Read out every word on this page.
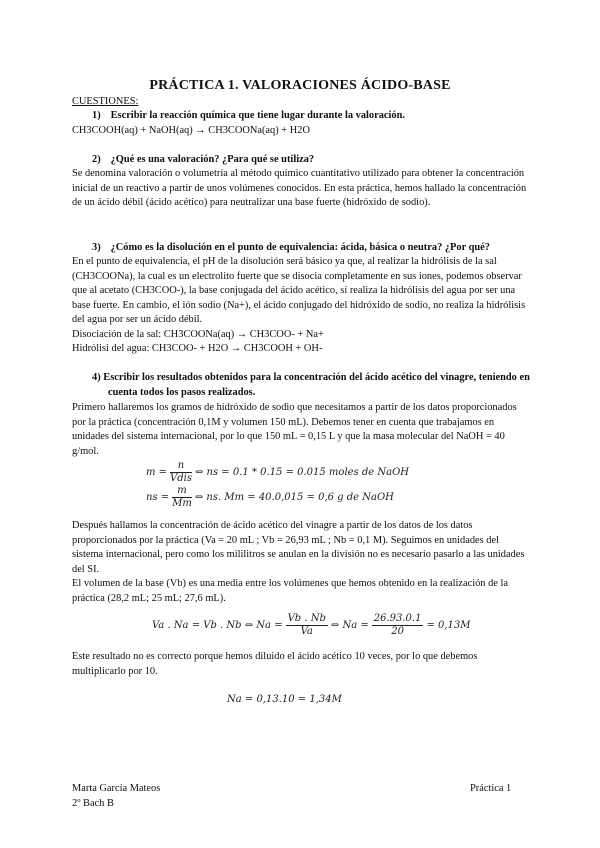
PRÁCTICA 1. VALORACIONES ÁCIDO-BASE
CUESTIONES:
1) Escribir la reacción química que tiene lugar durante la valoración.
CH3COOH(aq) + NaOH(aq) → CH3COONa(aq) + H2O
2) ¿Qué es una valoración? ¿Para qué se utiliza?
Se denomina valoración o volumetría al método químico cuantitativo utilizado para obtener la concentración inicial de un reactivo a partir de unos volúmenes conocidos. En esta práctica, hemos hallado la concentración de un ácido débil (ácido acético) para neutralizar una base fuerte (hidróxido de sodio).
3) ¿Cómo es la disolución en el punto de equivalencia: ácida, básica o neutra? ¿Por qué?
En el punto de equivalencia, el pH de la disolución será básico ya que, al realizar la hidrólisis de la sal (CH3COONa), la cual es un electrolito fuerte que se disocia completamente en sus iones, podemos observar que al acetato (CH3COO-), la base conjugada del ácido acético, sí realiza la hidrólisis del agua por ser una base fuerte. En cambio, el ión sodio (Na+), el ácido conjugado del hidróxido de sodio, no realiza la hidrólisis del agua por ser un ácido débil.
Disociación de la sal: CH3COONa(aq) → CH3COO- + Na+
Hidrólisi del agua: CH3COO- + H2O → CH3COOH + OH-
4) Escribir los resultados obtenidos para la concentración del ácido acético del vinagre, teniendo en cuenta todos los pasos realizados.
Primero hallaremos los gramos de hidróxido de sodio que necesitamos a partir de los datos proporcionados por la práctica (concentración 0,1M y volumen 150 mL). Debemos tener en cuenta que trabajamos en unidades del sistema internacional, por lo que 150 mL = 0,15 L y que la masa molecular del NaOH = 40 g/mol.
$m = \frac{n}{\text{Vdis}}$ ⇔ ns = 0.1 * 0.15 = 0.015 moles de NaOH
ns = $\frac{m}{Mm}$ ⇔ ns. Mm = 40.0,015 = 0,6 g de NaOH
Después hallamos la concentración de ácido acético del vinagre a partir de los datos de los datos proporcionados por la práctica (Va = 20 mL ; Vb = 26,93 mL ; Nb = 0,1 M). Seguimos en unidades del sistema internacional, pero como los mililitros se anulan en la división no es necesario pasarlo a las unidades del SI.
El volumen de la base (Vb) es una media entre los volúmenes que hemos obtenido en la realización de la práctica (28,2 mL; 25 mL; 27,6 mL).
Va . Na = Vb . Nb ⇔ $Na = \frac{Vb . Nb}{Va}$ ⇔ $Na = \frac{26.93.0.1}{20} = 0,13M$
Este resultado no es correcto porque hemos diluido el ácido acético 10 veces, por lo que debemos multiplicarlo por 10.
Na = 0,13.10 = 1,34M
Marta García Mateos
2º Bach B
Práctica 1
